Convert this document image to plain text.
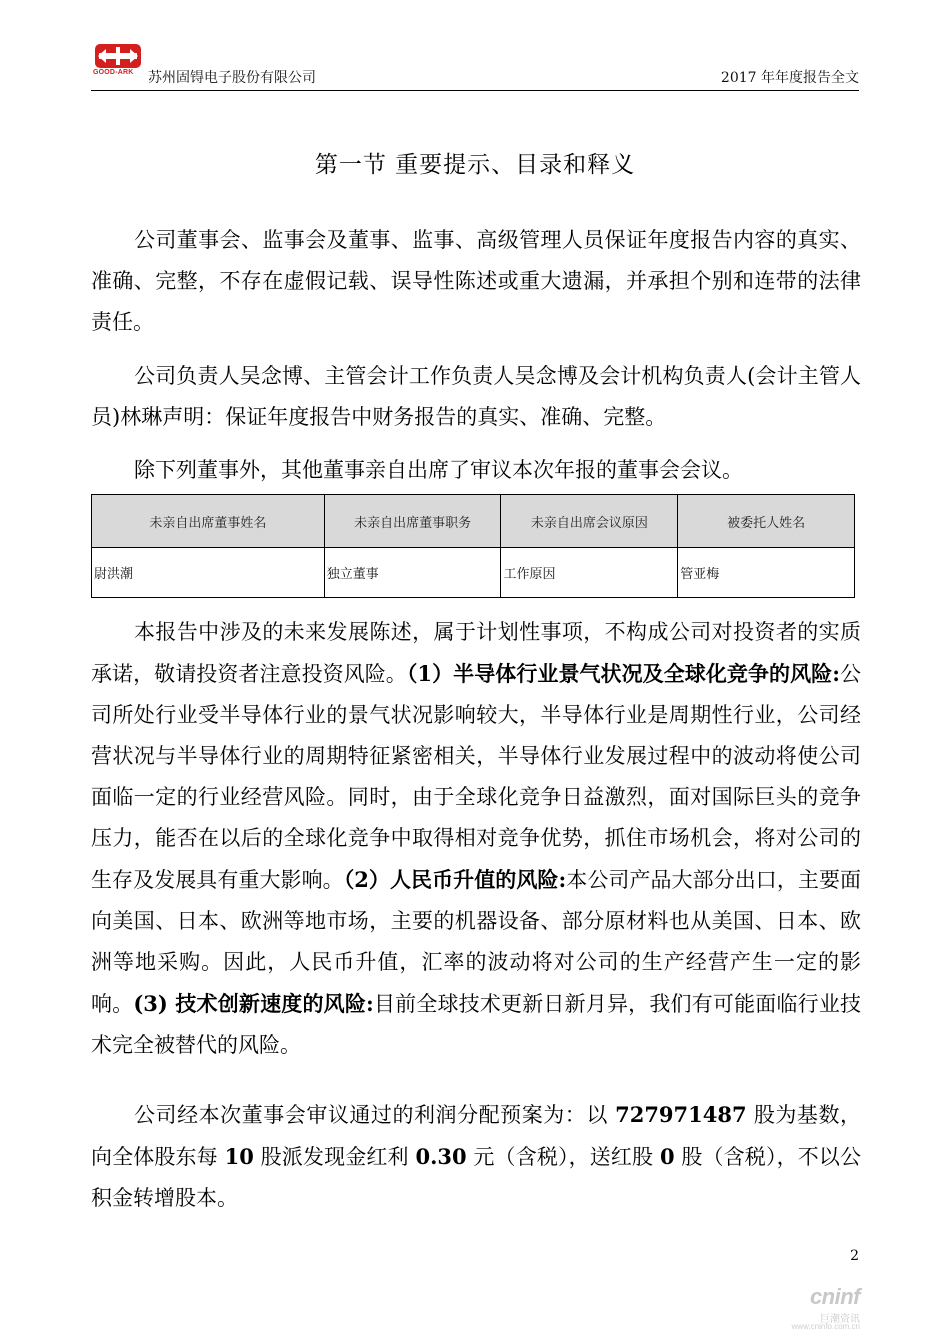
GOOD-ARK	苏州固锝电子股份有限公司	2017 年年度报告全文
第一节 重要提示、目录和释义

公司董事会、监事会及董事、监事、高级管理人员保证年度报告内容的真实、准确、完整，不存在虚假记载、误导性陈述或重大遗漏，并承担个别和连带的法律责任。

公司负责人吴念博、主管会计工作负责人吴念博及会计机构负责人(会计主管人员)林琳声明：保证年度报告中财务报告的真实、准确、完整。

除下列董事外，其他董事亲自出席了审议本次年报的董事会会议。

未亲自出席董事姓名	未亲自出席董事职务	未亲自出席会议原因	被委托人姓名
尉洪潮	独立董事	工作原因	管亚梅

本报告中涉及的未来发展陈述，属于计划性事项，不构成公司对投资者的实质承诺，敬请投资者注意投资风险。（1）半导体行业景气状况及全球化竞争的风险:公司所处行业受半导体行业的景气状况影响较大，半导体行业是周期性行业，公司经营状况与半导体行业的周期特征紧密相关，半导体行业发展过程中的波动将使公司面临一定的行业经营风险。同时，由于全球化竞争日益激烈，面对国际巨头的竞争压力，能否在以后的全球化竞争中取得相对竞争优势，抓住市场机会，将对公司的生存及发展具有重大影响。（2）人民币升值的风险:本公司产品大部分出口，主要面向美国、日本、欧洲等地市场，主要的机器设备、部分原材料也从美国、日本、欧洲等地采购。因此，人民币升值，汇率的波动将对公司的生产经营产生一定的影响。(3) 技术创新速度的风险:目前全球技术更新日新月异，我们有可能面临行业技术完全被替代的风险。

公司经本次董事会审议通过的利润分配预案为：以 727971487 股为基数，向全体股东每 10 股派发现金红利 0.30 元（含税），送红股 0 股（含税），不以公积金转增股本。

2
cninf
巨潮资讯
www.cninfo.com.cn
